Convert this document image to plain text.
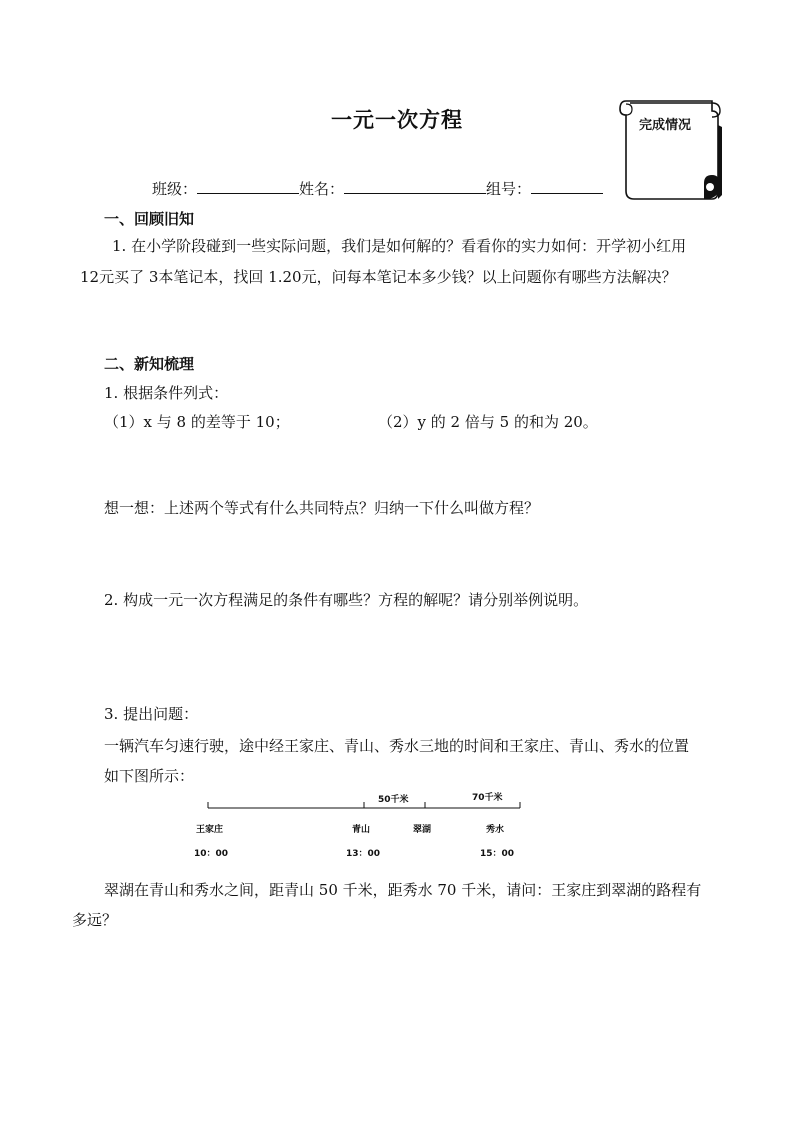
一元一次方程	完成情况
班级：	姓名：	组号：
一、回顾旧知
1. 在小学阶段碰到一些实际问题，我们是如何解的？看看你的实力如何：开学初小红用
12元买了 3本笔记本，找回 1.20元，问每本笔记本多少钱？以上问题你有哪些方法解决？
二、新知梳理
1. 根据条件列式：
（1）x 与 8 的差等于 10；	（2）y 的 2 倍与 5 的和为 20。
想一想：上述两个等式有什么共同特点？归纳一下什么叫做方程？
2. 构成一元一次方程满足的条件有哪些？方程的解呢？请分别举例说明。
3. 提出问题：
一辆汽车匀速行驶，途中经王家庄、青山、秀水三地的时间和王家庄、青山、秀水的位置
如下图所示：
50千米	70千米
王家庄	青山	翠湖	秀水
10：00	13：00	15：00
翠湖在青山和秀水之间，距青山 50 千米，距秀水 70 千米，请问：王家庄到翠湖的路程有
多远？
